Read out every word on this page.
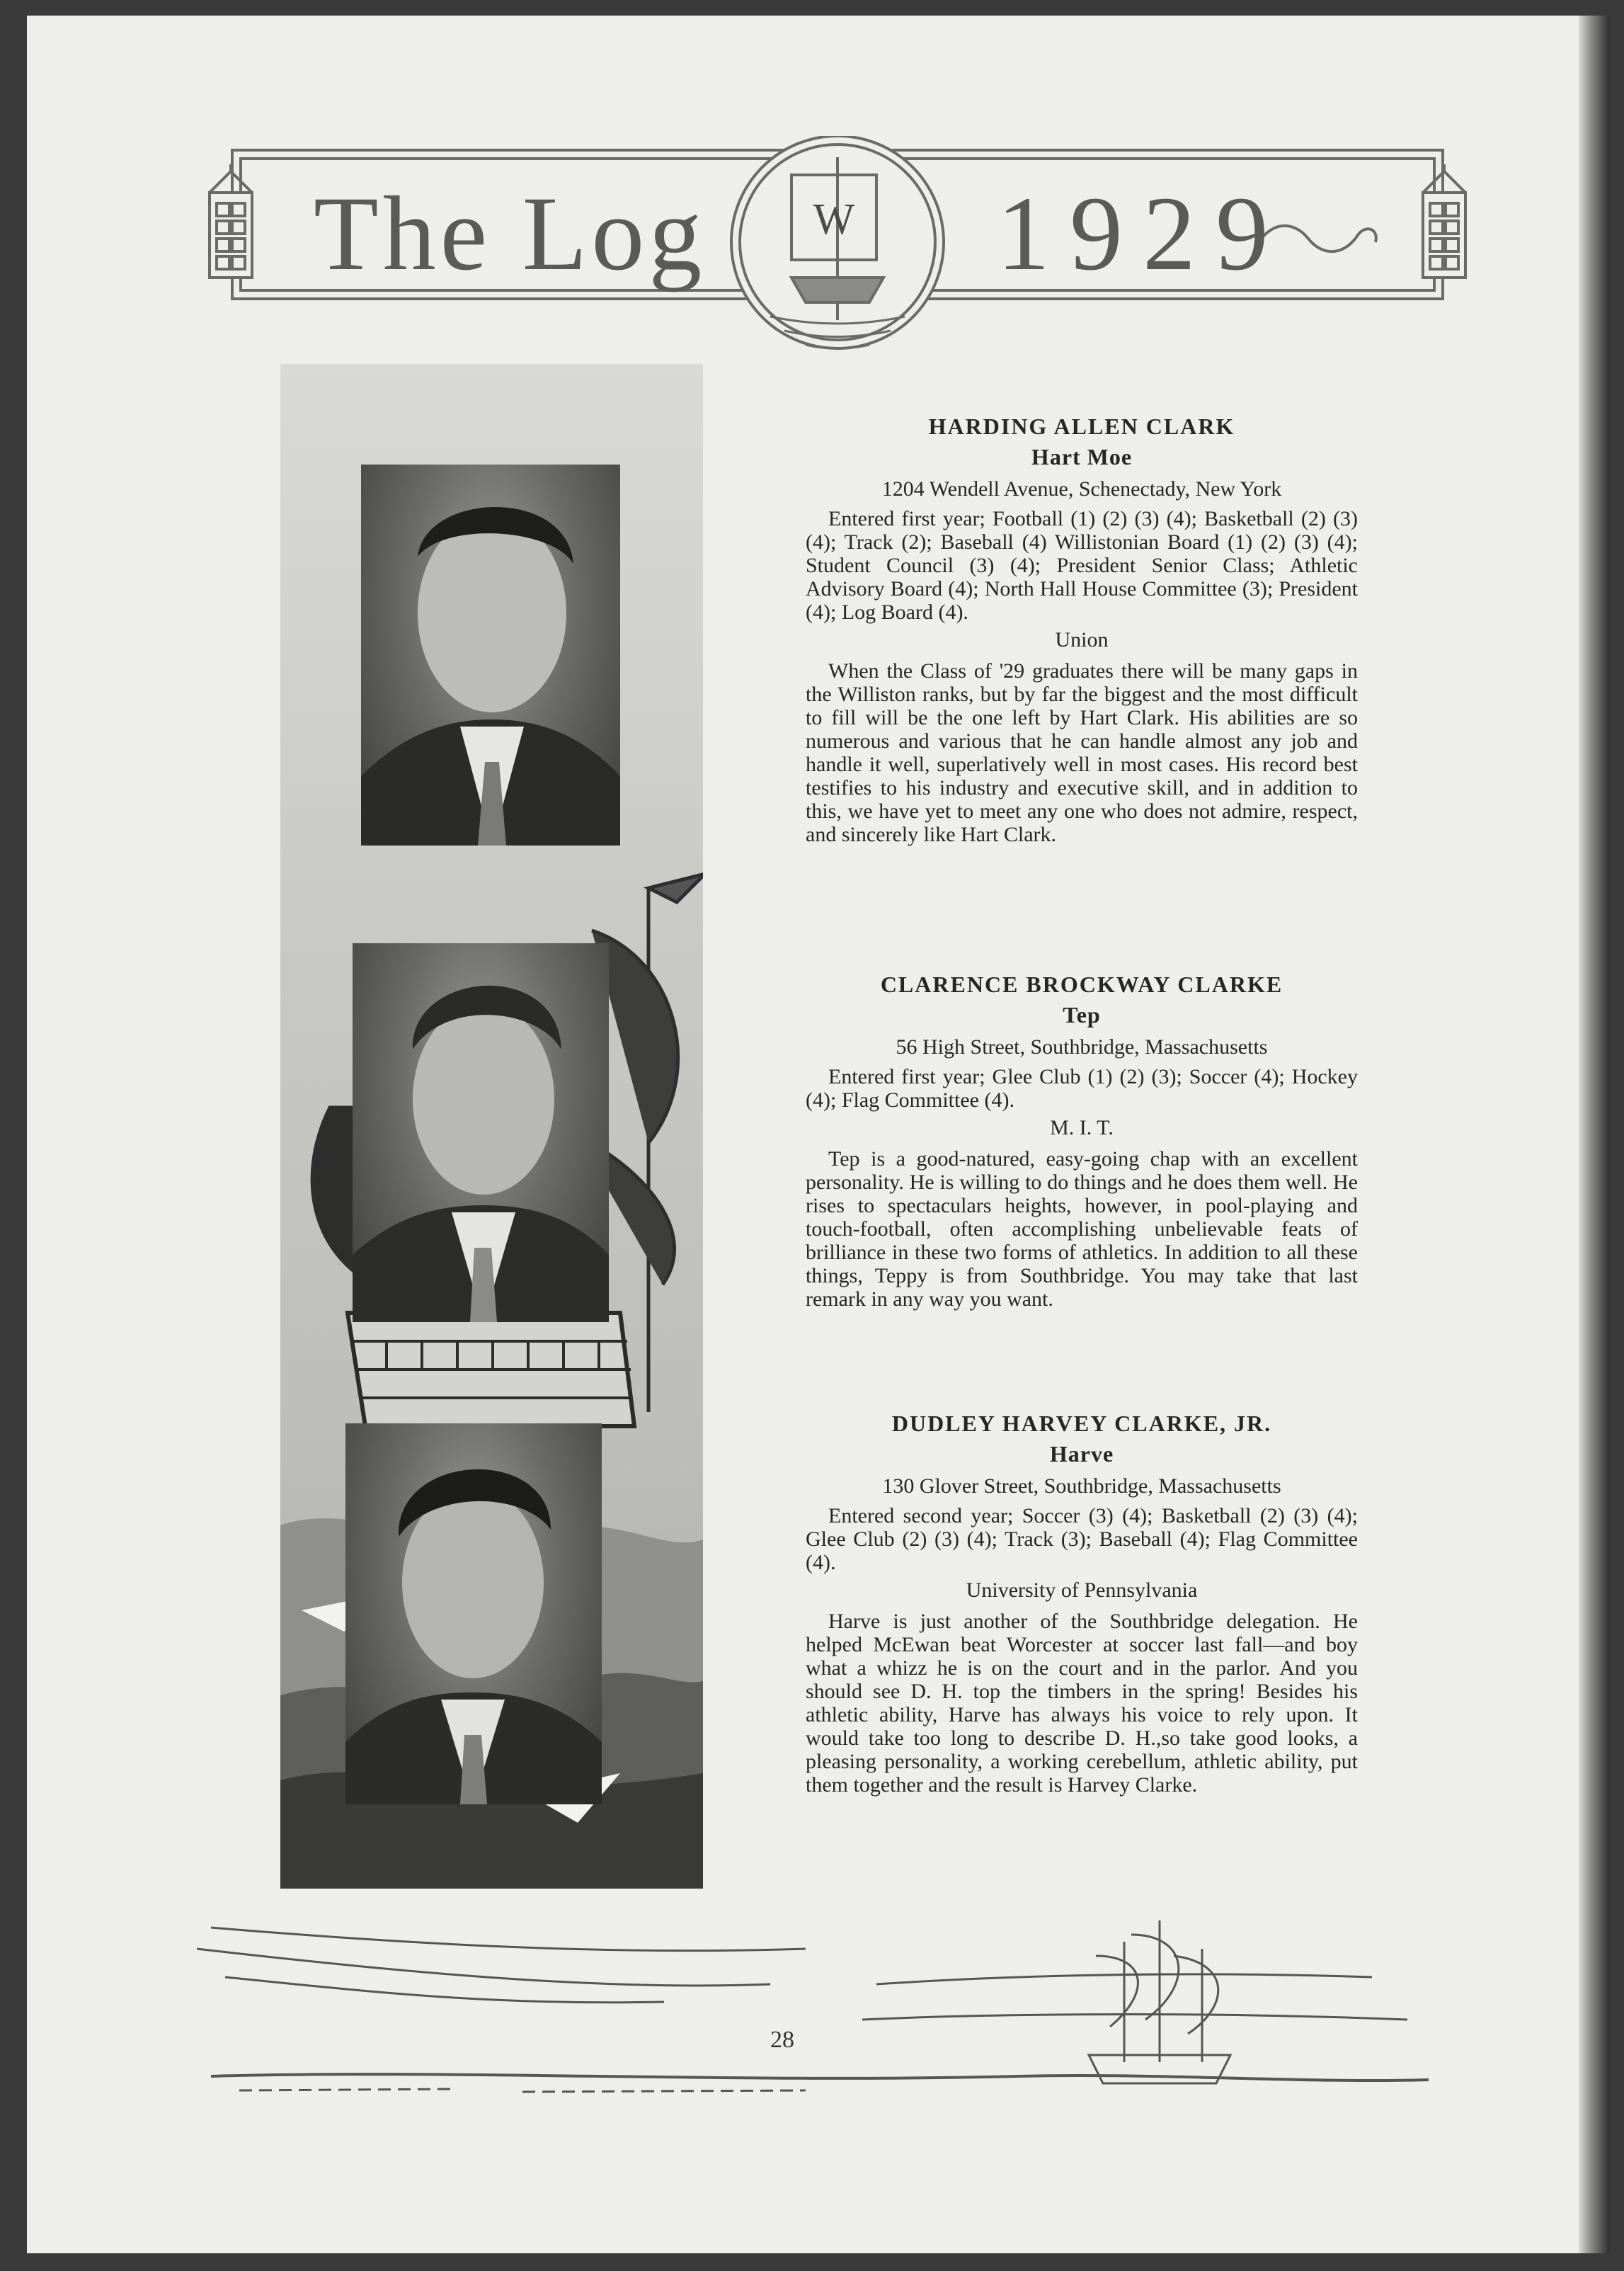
W
The Log	1929

HARDING ALLEN CLARK

Hart Moe

1204 Wendell Avenue, Schenectady, New York

Entered first year; Football (1) (2) (3) (4); Basketball (2) (3) (4); Track (2); Baseball (4) Willistonian Board (1) (2) (3) (4); Student Council (3) (4); President Senior Class; Athletic Advisory Board (4); North Hall House Committee (3); President (4); Log Board (4).

Union

When the Class of '29 graduates there will be many gaps in the Williston ranks, but by far the biggest and the most difficult to fill will be the one left by Hart Clark. His abilities are so numerous and various that he can handle almost any job and handle it well, superlatively well in most cases. His record best testifies to his industry and executive skill, and in addition to this, we have yet to meet any one who does not admire, respect, and sincerely like Hart Clark.

CLARENCE BROCKWAY CLARKE

Tep

56 High Street, Southbridge, Massachusetts

Entered first year; Glee Club (1) (2) (3); Soccer (4); Hockey (4); Flag Committee (4).

M. I. T.

Tep is a good-natured, easy-going chap with an excellent personality. He is willing to do things and he does them well. He rises to spectaculars heights, however, in pool-playing and touch-football, often accomplishing unbelievable feats of brilliance in these two forms of athletics. In addition to all these things, Teppy is from Southbridge. You may take that last remark in any way you want.

DUDLEY HARVEY CLARKE, JR.

Harve

130 Glover Street, Southbridge, Massachusetts

Entered second year; Soccer (3) (4); Basketball (2) (3) (4); Glee Club (2) (3) (4); Track (3); Baseball (4); Flag Committee (4).

University of Pennsylvania

Harve is just another of the Southbridge delegation. He helped McEwan beat Worcester at soccer last fall—and boy what a whizz he is on the court and in the parlor. And you should see D. H. top the timbers in the spring! Besides his athletic ability, Harve has always his voice to rely upon. It would take too long to describe D. H.,so take good looks, a pleasing personality, a working cerebellum, athletic ability, put them together and the result is Harvey Clarke.

28
